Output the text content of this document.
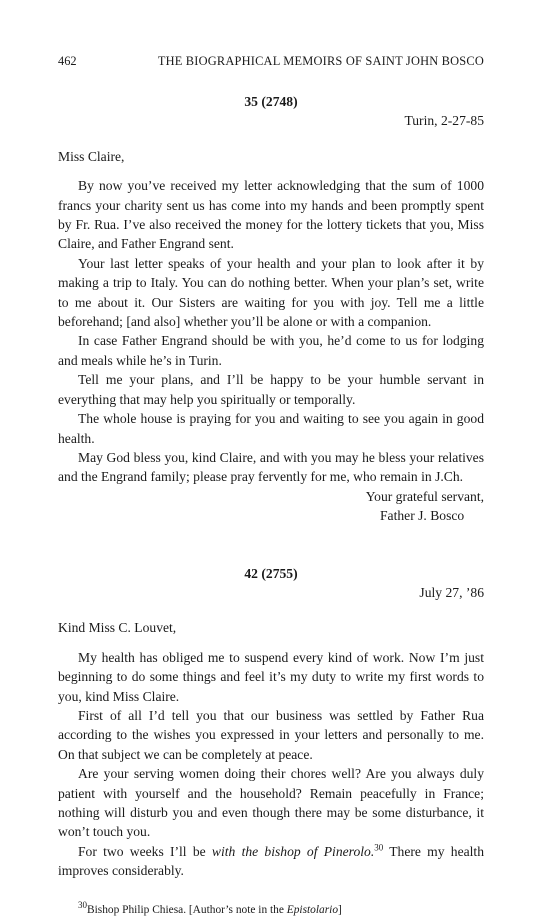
462	THE BIOGRAPHICAL MEMOIRS OF SAINT JOHN BOSCO
35 (2748)
Turin, 2-27-85
Miss Claire,

By now you’ve received my letter acknowledging that the sum of 1000 francs your charity sent us has come into my hands and been promptly spent by Fr. Rua. I’ve also received the money for the lottery tickets that you, Miss Claire, and Father Engrand sent.

Your last letter speaks of your health and your plan to look after it by making a trip to Italy. You can do nothing better. When your plan’s set, write to me about it. Our Sisters are waiting for you with joy. Tell me a little beforehand; [and also] whether you’ll be alone or with a companion.

In case Father Engrand should be with you, he’d come to us for lodging and meals while he’s in Turin.

Tell me your plans, and I’ll be happy to be your humble servant in everything that may help you spiritually or temporally.

The whole house is praying for you and waiting to see you again in good health.

May God bless you, kind Claire, and with you may he bless your relatives and the Engrand family; please pray fervently for me, who remain in J.Ch.

Your grateful servant,
Father J. Bosco
42 (2755)
July 27, ’86
Kind Miss C. Louvet,

My health has obliged me to suspend every kind of work. Now I’m just beginning to do some things and feel it’s my duty to write my first words to you, kind Miss Claire.

First of all I’d tell you that our business was settled by Father Rua according to the wishes you expressed in your letters and personally to me. On that subject we can be completely at peace.

Are your serving women doing their chores well? Are you always duly patient with yourself and the household? Remain peacefully in France; nothing will disturb you and even though there may be some disturbance, it won’t touch you.

For two weeks I’ll be with the bishop of Pinerolo.$^{30}$ There my health improves considerably.

$^{30}$Bishop Philip Chiesa. [Author’s note in the Epistolario]
